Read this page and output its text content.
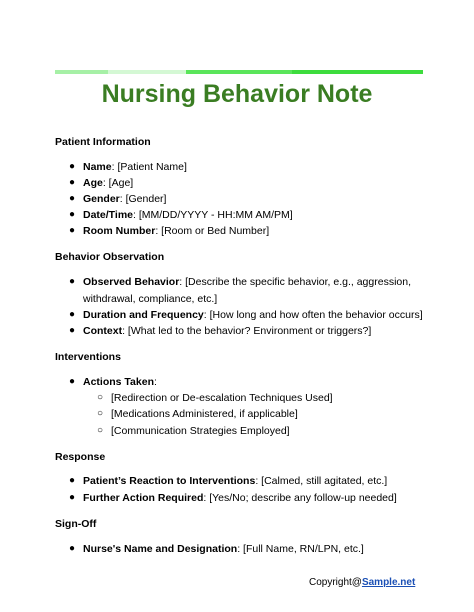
Nursing Behavior Note
Patient Information
● Name: [Patient Name]
● Age: [Age]
● Gender: [Gender]
● Date/Time: [MM/DD/YYYY - HH:MM AM/PM]
● Room Number: [Room or Bed Number]
Behavior Observation
● Observed Behavior: [Describe the specific behavior, e.g., aggression,
withdrawal, compliance, etc.]
● Duration and Frequency: [How long and how often the behavior occurs]
● Context: [What led to the behavior? Environment or triggers?]
Interventions
● Actions Taken:
○ [Redirection or De-escalation Techniques Used]
○ [Medications Administered, if applicable]
○ [Communication Strategies Employed]
Response
● Patient’s Reaction to Interventions: [Calmed, still agitated, etc.]
● Further Action Required: [Yes/No; describe any follow-up needed]
Sign-Off
● Nurse's Name and Designation: [Full Name, RN/LPN, etc.]
Copyright@Sample.net
